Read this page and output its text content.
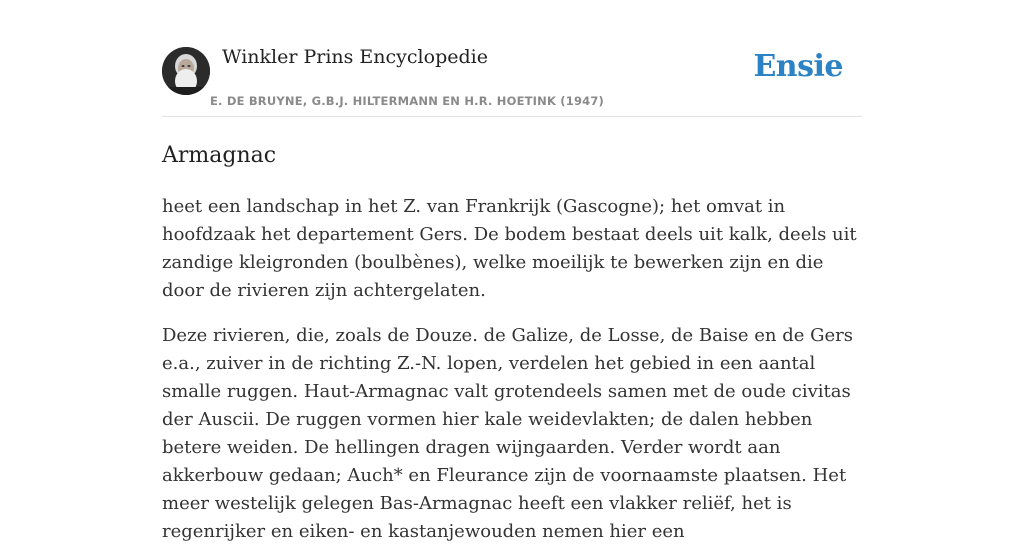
Winkler Prins Encyclopedie
E. DE BRUYNE, G.B.J. HILTERMANN EN H.R. HOETINK (1947)
Ensie
Armagnac

heet een landschap in het Z. van Frankrijk (Gascogne); het omvat in hoofdzaak het departement Gers. De bodem bestaat deels uit kalk, deels uit zandige kleigronden (boulbènes), welke moeilijk te bewerken zijn en die door de rivieren zijn achtergelaten.

Deze rivieren, die, zoals de Douze. de Galize, de Losse, de Baise en de Gers e.a., zuiver in de richting Z.-N. lopen, verdelen het gebied in een aantal smalle ruggen. Haut-Armagnac valt grotendeels samen met de oude civitas der Auscii. De ruggen vormen hier kale weidevlakten; de dalen hebben betere weiden. De hellingen dragen wijngaarden. Verder wordt aan akkerbouw gedaan; Auch* en Fleurance zijn de voornaamste plaatsen. Het meer westelijk gelegen Bas-Armagnac heeft een vlakker reliëf, het is regenrijker en eiken- en kastanjewouden nemen hier een
